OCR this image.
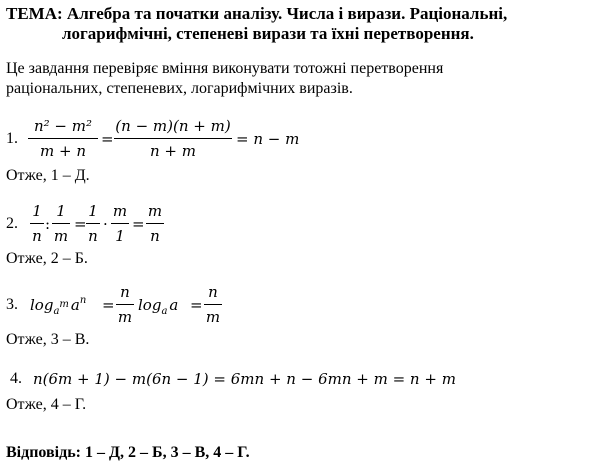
ТЕМА: Алгебра та початки аналізу. Числа і вирази. Раціональні,
логарифмічні, степеневі вирази та їхні перетворення.
Це завдання перевіряє вміння виконувати тотожні перетворення
раціональних, степеневих, логарифмічних виразів.
1.
n² − m²
m + n
=
(n − m)(n + m)
n + m
= n − m
Отже, 1 – Д.
2.
1
n
:
1
m
=
1
n
·
m
1
=
m
n
Отже, 2 – Б.
3. $\log_{a^m} a^n$ =
n
m
$\log_a a$ =
n
m
Отже, 3 – В.
4. n(6m + 1) − m(6n − 1) = 6mn + n − 6mn + m = n + m
Отже, 4 – Г.
Відповідь: 1 – Д, 2 – Б, 3 – В, 4 – Г.
